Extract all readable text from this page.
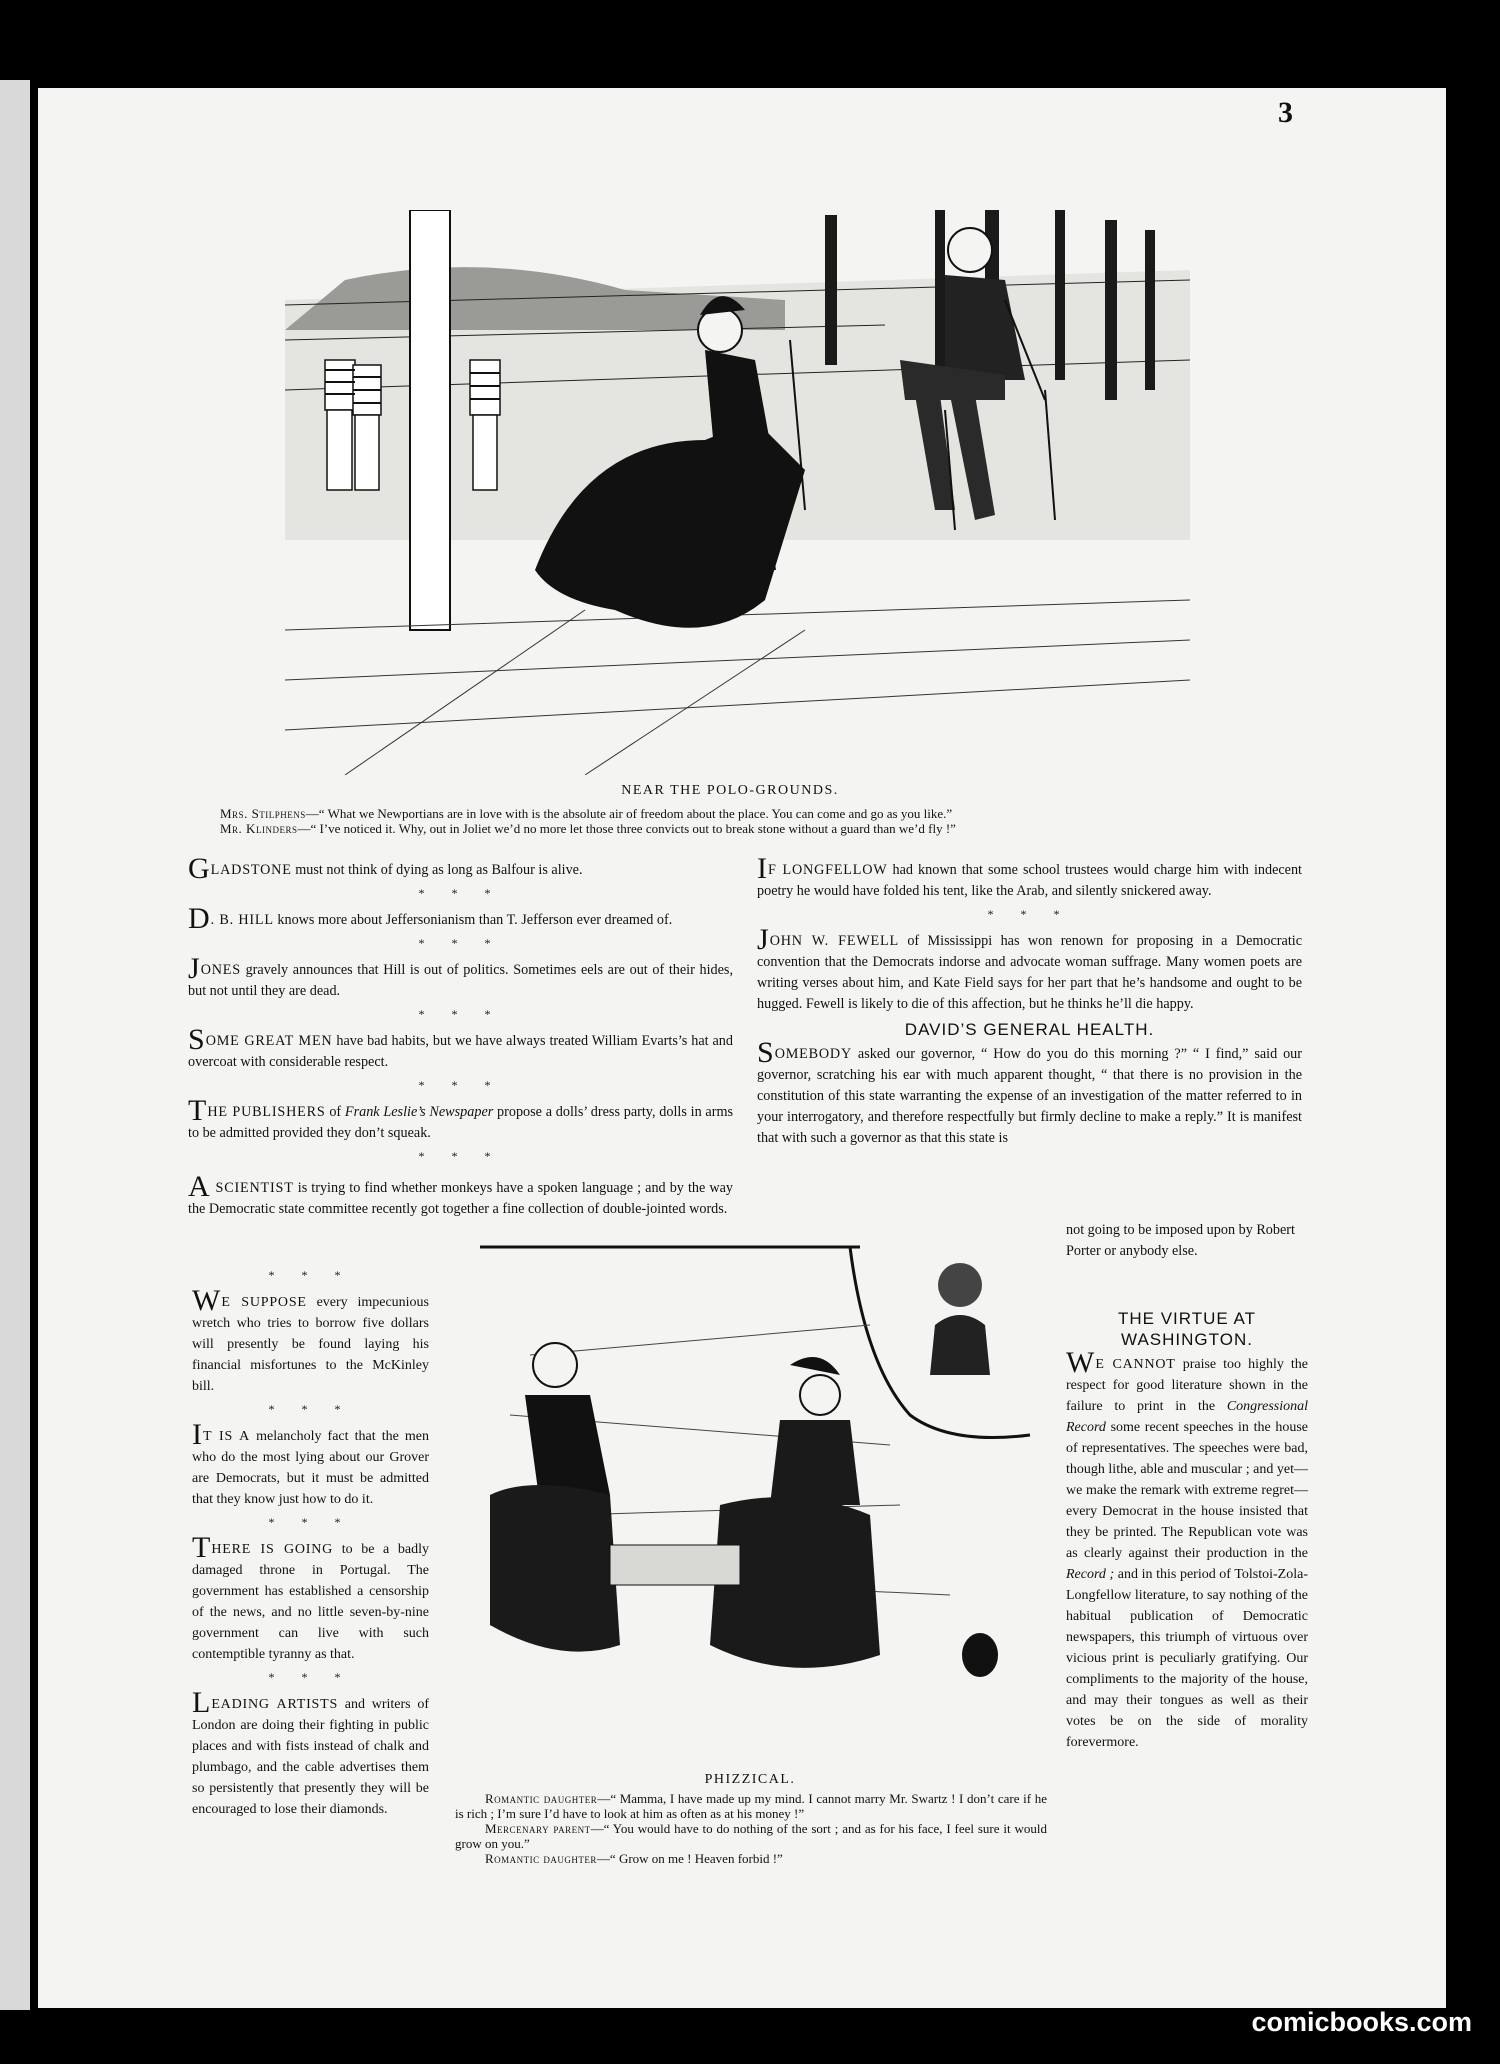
3
NEAR THE POLO-GROUNDS.
Mrs. Stilphens—“ What we Newportians are in love with is the absolute air of freedom about the place. You can come and go as you like.”
Mr. Klinders—“ I’ve noticed it. Why, out in Joliet we’d no more let those three convicts out to break stone without a guard than we’d fly !”

GLADSTONE must not think of dying as long as Balfour is alive.

* * *

D. B. HILL knows more about Jeffersonianism than T. Jefferson ever dreamed of.

* * *

JONES gravely announces that Hill is out of politics. Sometimes eels are out of their hides, but not until they are dead.

* * *

SOME GREAT MEN have bad habits, but we have always treated William Evarts’s hat and overcoat with considerable respect.

* * *

THE PUBLISHERS of Frank Leslie’s Newspaper propose a dolls’ dress party, dolls in arms to be admitted provided they don’t squeak.

* * *

A SCIENTIST is trying to find whether monkeys have a spoken language ; and by the way the Democratic state committee recently got together a fine collection of double-jointed words.

* * *

WE SUPPOSE every impecunious wretch who tries to borrow five dollars will presently be found laying his financial misfortunes to the McKinley bill.

* * *

IT IS A melancholy fact that the men who do the most lying about our Grover are Democrats, but it must be admitted that they know just how to do it.

* * *

THERE IS GOING to be a badly damaged throne in Portugal. The government has established a censorship of the news, and no little seven-by-nine government can live with such contemptible tyranny as that.

* * *

LEADING ARTISTS and writers of London are doing their fighting in public places and with fists instead of chalk and plumbago, and the cable advertises them so persistently that presently they will be encouraged to lose their diamonds.

IF LONGFELLOW had known that some school trustees would charge him with indecent poetry he would have folded his tent, like the Arab, and silently snickered away.

* * *

JOHN W. FEWELL of Mississippi has won renown for proposing in a Democratic convention that the Democrats indorse and advocate woman suffrage. Many women poets are writing verses about him, and Kate Field says for her part that he’s handsome and ought to be hugged. Fewell is likely to die of this affection, but he thinks he’ll die happy.

DAVID’S GENERAL HEALTH.

SOMEBODY asked our governor, “ How do you do this morning ?” “ I find,” said our governor, scratching his ear with much apparent thought, “ that there is no provision in the constitution of this state warranting the expense of an investigation of the matter referred to in your interrogatory, and therefore respectfully but firmly decline to make a reply.” It is manifest that with such a governor as that this state is

not going to be imposed upon by Robert Porter or anybody else.
THE VIRTUE AT WASHINGTON.

WE CANNOT praise too highly the respect for good literature shown in the failure to print in the Congressional Record some recent speeches in the house of representatives. The speeches were bad, though lithe, able and muscular ; and yet—we make the remark with extreme regret—every Democrat in the house insisted that they be printed. The Republican vote was as clearly against their production in the Record ; and in this period of Tolstoi-Zola-Longfellow literature, to say nothing of the habitual publication of Democratic newspapers, this triumph of virtuous over vicious print is peculiarly gratifying. Our compliments to the majority of the house, and may their tongues as well as their votes be on the side of morality forevermore.

PHIZZICAL.
Romantic daughter—“ Mamma, I have made up my mind. I cannot marry Mr. Swartz ! I don’t care if he is rich ; I’m sure I’d have to look at him as often as at his money !”
Mercenary parent—“ You would have to do nothing of the sort ; and as for his face, I feel sure it would grow on you.”
Romantic daughter—“ Grow on me ! Heaven forbid !”
comicbooks.com
